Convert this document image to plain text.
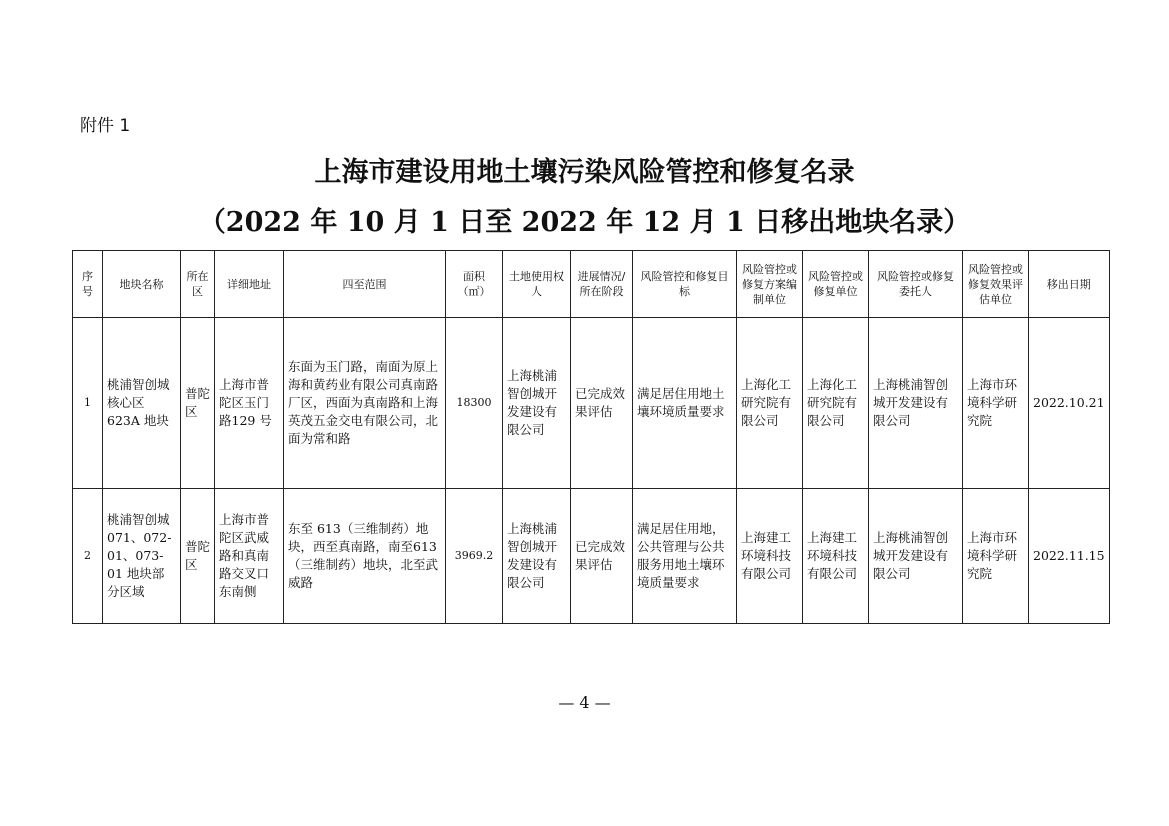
附件 1
上海市建设用地土壤污染风险管控和修复名录
（2022 年 10 月 1 日至 2022 年 12 月 1 日移出地块名录）
序号	地块名称	所在区	详细地址	四至范围	面积（㎡）	土地使用权人	进展情况/所在阶段	风险管控和修复目标	风险管控或修复方案编制单位	风险管控或修复单位	风险管控或修复委托人	风险管控或修复效果评估单位	移出日期
1	桃浦智创城核心区623A 地块	普陀区	上海市普陀区玉门路129 号	东面为玉门路，南面为原上海和黄药业有限公司真南路厂区，西面为真南路和上海英茂五金交电有限公司，北面为常和路	18300	上海桃浦智创城开发建设有限公司	已完成效果评估	满足居住用地土壤环境质量要求	上海化工研究院有限公司	上海化工研究院有限公司	上海桃浦智创城开发建设有限公司	上海市环境科学研究院	2022.10.21
2	桃浦智创城 071、072-01、073-01 地块部分区域	普陀区	上海市普陀区武威路和真南路交叉口东南侧	东至 613（三维制药）地块，西至真南路，南至613（三维制药）地块，北至武威路	3969.2	上海桃浦智创城开发建设有限公司	已完成效果评估	满足居住用地，公共管理与公共服务用地土壤环境质量要求	上海建工环境科技有限公司	上海建工环境科技有限公司	上海桃浦智创城开发建设有限公司	上海市环境科学研究院	2022.11.15
— 4 —
